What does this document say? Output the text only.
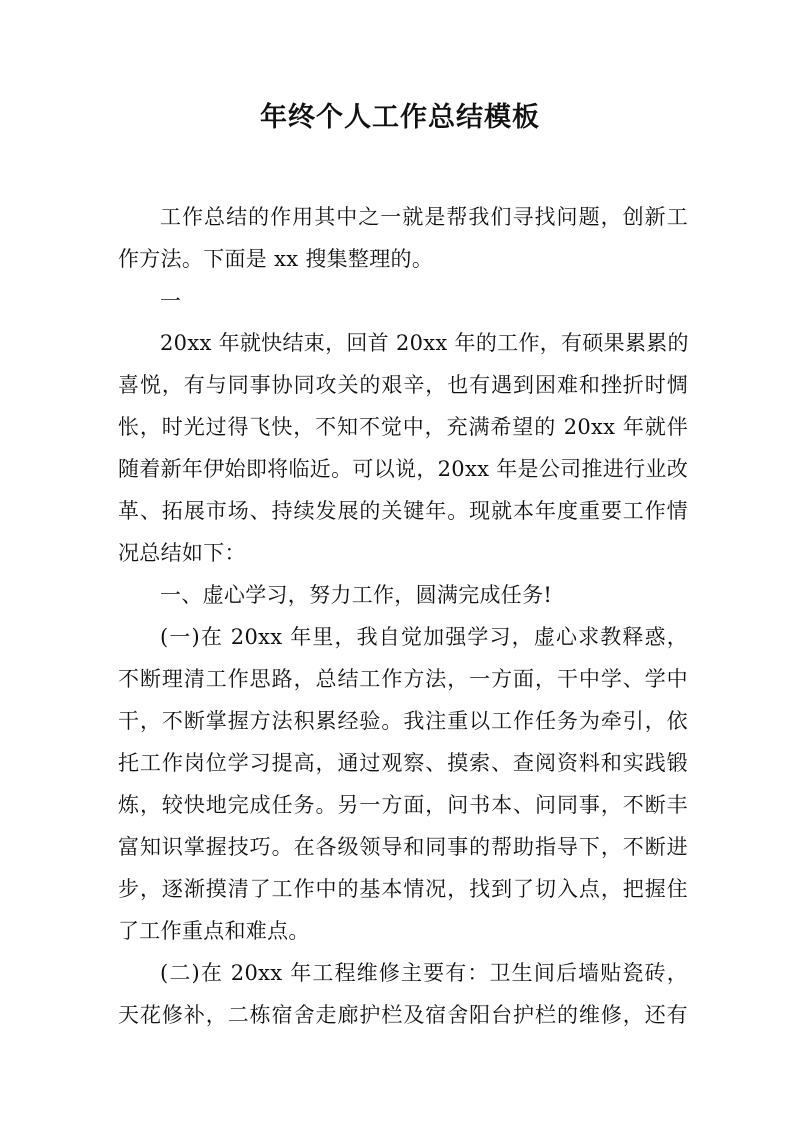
年终个人工作总结模板
工作总结的作用其中之一就是帮我们寻找问题，创新工
作方法。下面是 xx 搜集整理的。
一
20xx 年就快结束，回首 20xx 年的工作，有硕果累累的
喜悦，有与同事协同攻关的艰辛，也有遇到困难和挫折时惆
怅，时光过得飞快，不知不觉中，充满希望的 20xx 年就伴
随着新年伊始即将临近。可以说，20xx 年是公司推进行业改
革、拓展市场、持续发展的关键年。现就本年度重要工作情
况总结如下：
一、虚心学习，努力工作，圆满完成任务!
(一)在 20xx 年里，我自觉加强学习，虚心求教释惑，
不断理清工作思路，总结工作方法，一方面，干中学、学中
干，不断掌握方法积累经验。我注重以工作任务为牵引，依
托工作岗位学习提高，通过观察、摸索、查阅资料和实践锻
炼，较快地完成任务。另一方面，问书本、问同事，不断丰
富知识掌握技巧。在各级领导和同事的帮助指导下，不断进
步，逐渐摸清了工作中的基本情况，找到了切入点，把握住
了工作重点和难点。
(二)在 20xx 年工程维修主要有：卫生间后墙贴瓷砖，
天花修补，二栋宿舍走廊护栏及宿舍阳台护栏的维修，还有
